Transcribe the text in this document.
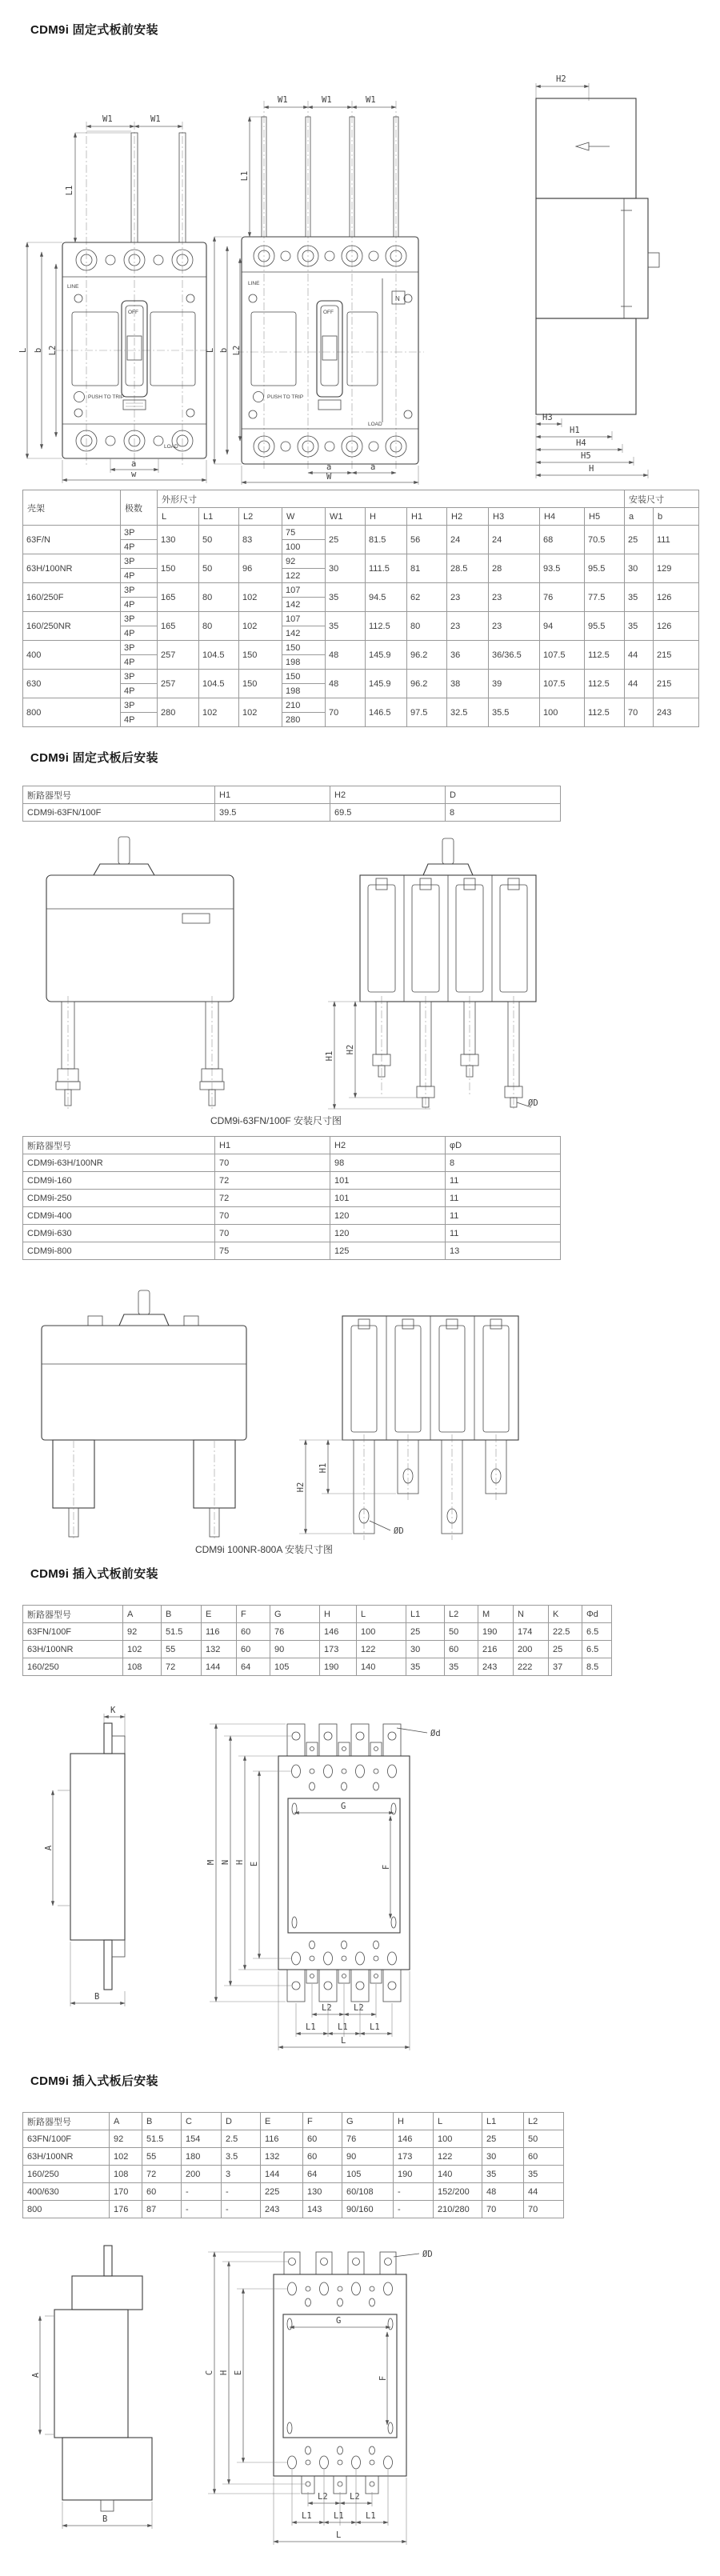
CDM9i 固定式板前安装
LINE
OFF
PUSH TO TRIP
LOAD
W1	W1
L1
L b L2
a
w
LINE
N
OFF
PUSH TO TRIP
LOAD
W1	W1	W1
L1
L b L2
a	a
W
H2
H3
H1
H4
H5
H
壳架	极数	外形尺寸											安装尺寸	
		L	L1	L2	W	W1	H	H1	H2	H3	H4	H5	a	b
63F/N	3P	130	50	83	75	25	81.5	56	24	24	68	70.5	25	111
	4P				100									
63H/100NR	3P	150	50	96	92	30	111.5	81	28.5	28	93.5	95.5	30	129
	4P				122									
160/250F	3P	165	80	102	107	35	94.5	62	23	23	76	77.5	35	126
	4P				142									
160/250NR	3P	165	80	102	107	35	112.5	80	23	23	94	95.5	35	126
	4P				142									
400	3P	257	104.5	150	150	48	145.9	96.2	36	36/36.5	107.5	112.5	44	215
	4P				198									
630	3P	257	104.5	150	150	48	145.9	96.2	38	39	107.5	112.5	44	215
	4P				198									
800	3P	280	102	102	210	70	146.5	97.5	32.5	35.5	100	112.5	70	243
	4P				280									
CDM9i 固定式板后安装
断路器型号	H1	H2	D
CDM9i-63FN/100F	39.5	69.5	8
H1
H2
ØD
CDM9i-63FN/100F 安装尺寸图
断路器型号	H1	H2	φD
CDM9i-63H/100NR	70	98	8
CDM9i-160	72	101	11
CDM9i-250	72	101	11
CDM9i-400	70	120	11
CDM9i-630	70	120	11
CDM9i-800	75	125	13
H2
H1
ØD
CDM9i 100NR-800A 安装尺寸图
CDM9i 插入式板前安装
断路器型号	A	B	E	F	G	H	L	L1	L2	M	N	K	Φd
63FN/100F	92	51.5	116	60	76	146	100	25	50	190	174	22.5	6.5
63H/100NR	102	55	132	60	90	173	122	30	60	216	200	25	6.5
160/250	108	72	144	64	105	190	140	35	35	243	222	37	8.5
K
A
B
Ød
G
F
M N H E
L2	L2
L1	L1	L1
L
CDM9i 插入式板后安装
断路器型号	A	B	C	D	E	F	G	H	L	L1	L2
63FN/100F	92	51.5	154	2.5	116	60	76	146	100	25	50
63H/100NR	102	55	180	3.5	132	60	90	173	122	30	60
160/250	108	72	200	3	144	64	105	190	140	35	35
400/630	170	60	-	-	225	130	60/108	-	152/200	48	44
800	176	87	-	-	243	143	90/160	-	210/280	70	70
A
B
ØD
G
F
C H E
L2	L2
L1	L1	L1
L
